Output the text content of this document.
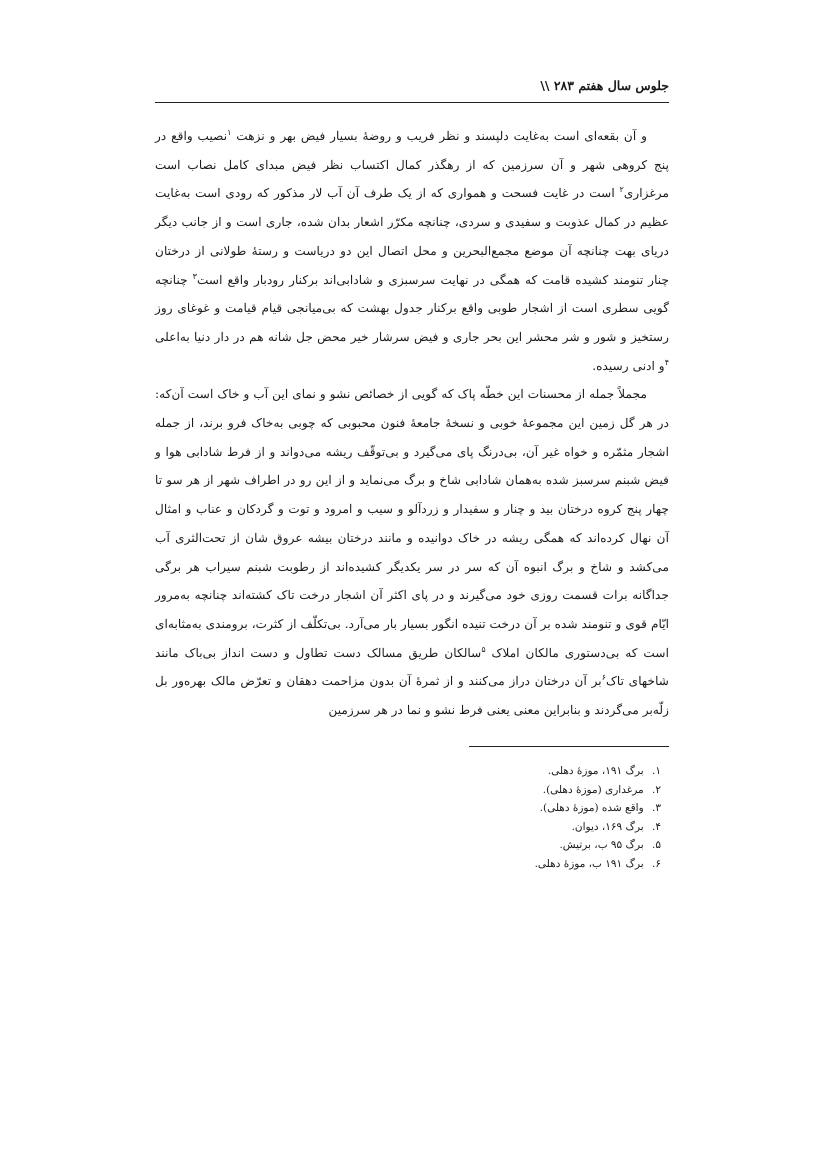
جلوس سال هفتم ‎\\‎ ۲۸۳

و آن بقعه‌ای است به‌غایت دلپسند و نظر فریب و روضهٔ بسیار فیض بهر و نزهت $^۱$نصیب واقع در پنج کروهی شهر و آن سرزمین که از رهگذر کمال اکتساب نظر فیض مبدای کامل نصاب است مرغزاری$^۲$ است در غایت فسحت و همواری که از یک طرف آن آب لار مذکور که رودی است به‌غایت عظیم در کمال عذوبت و سفیدی و سردی، چنانچه مکرّر اشعار بدان شده، جاری است و از جانب دیگر دریای بهت چنانچه آن موضع مجمع‌البحرین و محل اتصال این دو دریاست و رستهٔ طولانی از درختان چنار تنومند کشیده قامت که همگی در نهایت سرسبزی و شادابی‌اند برکنار رودبار واقع است$^۳$ چنانچه گویی سطری است از اشجار طوبی واقع برکنار جدول بهشت که بی‌میانجی قیام قیامت و غوغای روز رستخیز و شور و شر محشر این بحر جاری و فیض سرشار خیر محض جل شانه هم در دار دنیا به‌اعلی $^۴$و ادنی رسیده.

مجملاً جمله از محسنات این خطّه پاک که گویی از خصائص نشو و نمای این آب و خاک است آن‌که: در هر گل زمین این مجموعهٔ خوبی و نسخهٔ جامعهٔ فنون محبوبی که چوبی به‌خاک فرو برند، از جمله اشجار مثمّره و خواه غیر آن، بی‌درنگ پای می‌گیرد و بی‌توقّف ریشه می‌دواند و از فرط شادابی هوا و فیض شبنم سرسبز شده به‌همان شادابی شاخ و برگ می‌نماید و از این رو در اطراف شهر از هر سو تا چهار پنج کروه درختان بید و چنار و سفیدار و زردآلو و سیب و امرود و توت و گردکان و عناب و امثال آن نهال کرده‌اند که همگی ریشه در خاک دوانیده و مانند درختان بیشه عروق شان از تحت‌الثری آب می‌کشد و شاخ و برگ انبوه آن که سر در سر یکدیگر کشیده‌اند از رطوبت شبنم سیراب هر برگی جداگانه برات قسمت روزی خود می‌گیرند و در پای اکثر آن اشجار درخت تاک کشته‌اند چنانچه به‌مرور ایّام قوی و تنومند شده بر آن درخت تنیده انگور بسیار بار می‌آرد. بی‌تکلّف از کثرت، برومندی به‌مثابه‌ای است که بی‌دستوری مالکان املاک $^۵$سالکان طریق مسالک دست تطاول و دست انداز بی‌باک مانند شاخهای تاک$^۶$بر آن درختان دراز می‌کنند و از ثمرهٔ آن بدون مزاحمت دهقان و تعرّض مالک بهره‌ور بل زلّه‌بر می‌گردند و بنابراین معنی یعنی فرط نشو و نما در هر سرزمین

۱. برگ ۱۹۱، موزهٔ دهلی.
۲. مرغداری (موزهٔ دهلی).
۳. واقع شده (موزهٔ دهلی).
۴. برگ ۱۶۹، دیوان.
۵. برگ ۹۵ ب، برتیش.
۶. برگ ۱۹۱ ب، موزهٔ دهلی.
